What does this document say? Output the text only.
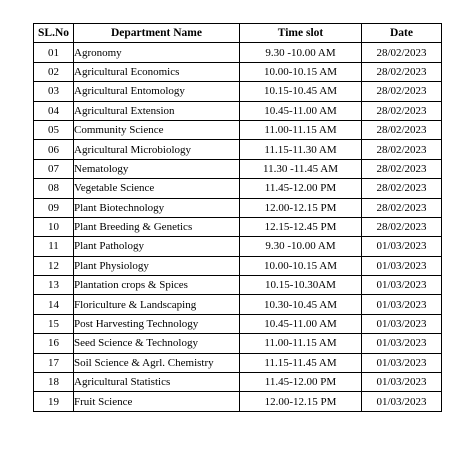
SL.No	Department Name	Time slot	Date
01	Agronomy	9.30 -10.00 AM	28/02/2023
02	Agricultural Economics	10.00-10.15 AM	28/02/2023
03	Agricultural Entomology	10.15-10.45 AM	28/02/2023
04	Agricultural Extension	10.45-11.00 AM	28/02/2023
05	Community Science	11.00-11.15 AM	28/02/2023
06	Agricultural Microbiology	11.15-11.30 AM	28/02/2023
07	Nematology	11.30 -11.45 AM	28/02/2023
08	Vegetable Science	11.45-12.00 PM	28/02/2023
09	Plant Biotechnology	12.00-12.15 PM	28/02/2023
10	Plant Breeding & Genetics	12.15-12.45 PM	28/02/2023
11	Plant Pathology	9.30 -10.00 AM	01/03/2023
12	Plant Physiology	10.00-10.15 AM	01/03/2023
13	Plantation crops & Spices	10.15-10.30AM	01/03/2023
14	Floriculture & Landscaping	10.30-10.45 AM	01/03/2023
15	Post Harvesting Technology	10.45-11.00 AM	01/03/2023
16	Seed Science & Technology	11.00-11.15 AM	01/03/2023
17	Soil Science & Agrl. Chemistry	11.15-11.45 AM	01/03/2023
18	Agricultural Statistics	11.45-12.00 PM	01/03/2023
19	Fruit Science	12.00-12.15 PM	01/03/2023
